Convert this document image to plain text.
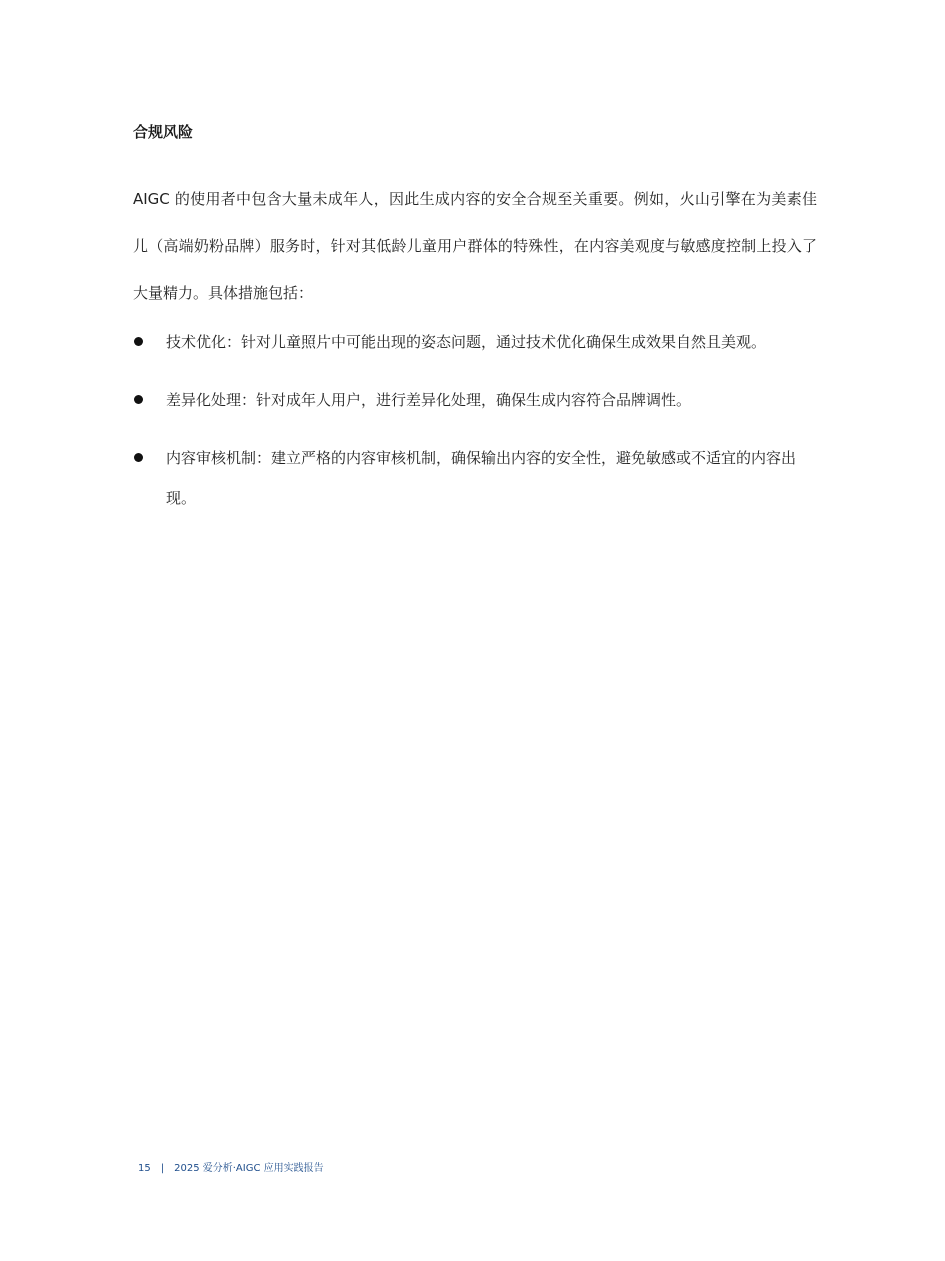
合规风险

AIGC 的使用者中包含大量未成年人，因此生成内容的安全合规至关重要。例如，火山引擎在为美素佳儿（高端奶粉品牌）服务时，针对其低龄儿童用户群体的特殊性，在内容美观度与敏感度控制上投入了大量精力。具体措施包括：

技术优化：针对儿童照片中可能出现的姿态问题，通过技术优化确保生成效果自然且美观。
差异化处理：针对成年人用户，进行差异化处理，确保生成内容符合品牌调性。
内容审核机制：建立严格的内容审核机制，确保输出内容的安全性，避免敏感或不适宜的内容出现。
15 | 2025 爱分析·AIGC 应用实践报告
